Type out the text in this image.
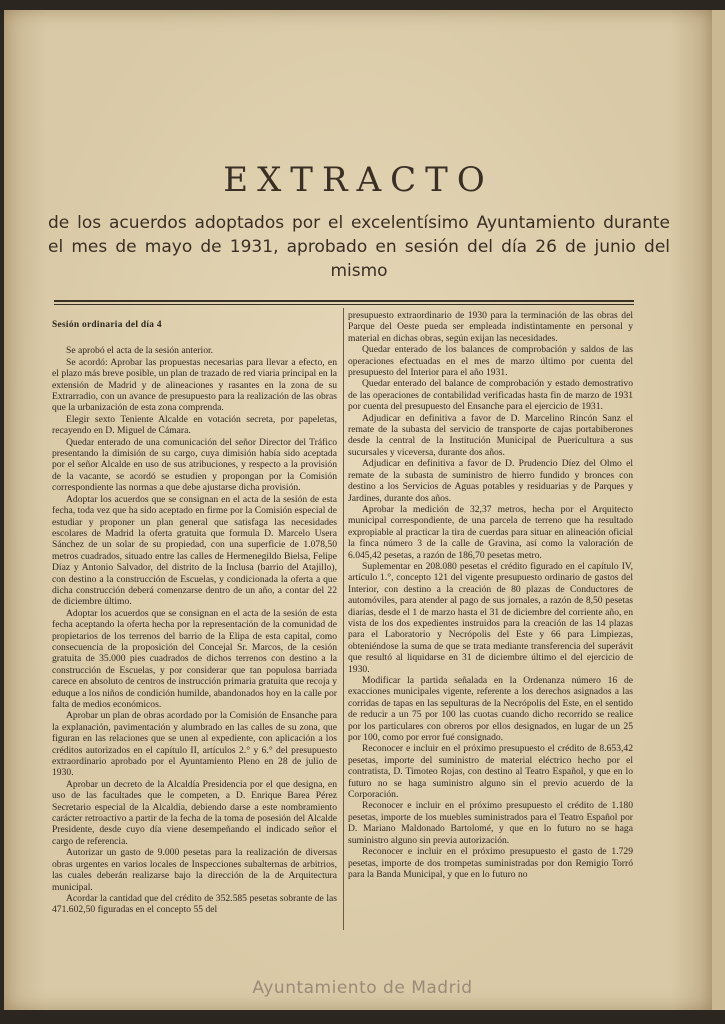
EXTRACTO
de los acuerdos adoptados por el excelentísimo Ayuntamiento durante el mes de mayo de 1931, aprobado en sesión del día 26 de junio del mismo

Sesión ordinaria del día 4

Se aprobó el acta de la sesión anterior.

Se acordó: Aprobar las propuestas necesarias para llevar a efecto, en el plazo más breve posible, un plan de trazado de red viaria principal en la extensión de Madrid y de alineaciones y rasantes en la zona de su Extrarradio, con un avance de presupuesto para la realización de las obras que la urbanización de esta zona comprenda.

Elegir sexto Teniente Alcalde en votación secreta, por papeletas, recayendo en D. Miguel de Cámara.

Quedar enterado de una comunicación del señor Director del Tráfico presentando la dimisión de su cargo, cuya dimisión había sido aceptada por el señor Alcalde en uso de sus atribuciones, y respecto a la provisión de la vacante, se acordó se estudien y propongan por la Comisión correspondiente las normas a que debe ajustarse dicha provisión.

Adoptar los acuerdos que se consignan en el acta de la sesión de esta fecha, toda vez que ha sido aceptado en firme por la Comisión especial de estudiar y proponer un plan general que satisfaga las necesidades escolares de Madrid la oferta gratuita que formula D. Marcelo Usera Sánchez de un solar de su propiedad, con una superficie de 1.078,50 metros cuadrados, situado entre las calles de Hermenegildo Bielsa, Felipe Díaz y Antonio Salvador, del distrito de la Inclusa (barrio del Atajillo), con destino a la construcción de Escuelas, y condicionada la oferta a que dicha construcción deberá comenzarse dentro de un año, a contar del 22 de diciembre último.

Adoptar los acuerdos que se consignan en el acta de la sesión de esta fecha aceptando la oferta hecha por la representación de la comunidad de propietarios de los terrenos del barrio de la Elipa de esta capital, como consecuencia de la proposición del Concejal Sr. Marcos, de la cesión gratuita de 35.000 pies cuadrados de dichos terrenos con destino a la construcción de Escuelas, y por considerar que tan populosa barriada carece en absoluto de centros de instrucción primaria gratuita que recoja y eduque a los niños de condición humilde, abandonados hoy en la calle por falta de medios económicos.

Aprobar un plan de obras acordado por la Comisión de Ensanche para la explanación, pavimentación y alumbrado en las calles de su zona, que figuran en las relaciones que se unen al expediente, con aplicación a los créditos autorizados en el capítulo II, artículos 2.° y 6.° del presupuesto extraordinario aprobado por el Ayuntamiento Pleno en 28 de julio de 1930.

Aprobar un decreto de la Alcaldía Presidencia por el que designa, en uso de las facultades que le competen, a D. Enrique Barea Pérez Secretario especial de la Alcaldía, debiendo darse a este nombramiento carácter retroactivo a partir de la fecha de la toma de posesión del Alcalde Presidente, desde cuyo día viene desempeñando el indicado señor el cargo de referencia.

Autorizar un gasto de 9.000 pesetas para la realización de diversas obras urgentes en varios locales de Inspecciones subalternas de arbitrios, las cuales deberán realizarse bajo la dirección de la de Arquitectura municipal.

Acordar la cantidad que del crédito de 352.585 pesetas sobrante de las 471.602,50 figuradas en el concepto 55 del

presupuesto extraordinario de 1930 para la terminación de las obras del Parque del Oeste pueda ser empleada indistintamente en personal y material en dichas obras, según exijan las necesidades.

Quedar enterado de los balances de comprobación y saldos de las operaciones efectuadas en el mes de marzo último por cuenta del presupuesto del Interior para el año 1931.

Quedar enterado del balance de comprobación y estado demostrativo de las operaciones de contabilidad verificadas hasta fin de marzo de 1931 por cuenta del presupuesto del Ensanche para el ejercicio de 1931.

Adjudicar en definitiva a favor de D. Marcelino Rincón Sanz el remate de la subasta del servicio de transporte de cajas portabiberones desde la central de la Institución Municipal de Puericultura a sus sucursales y viceversa, durante dos años.

Adjudicar en definitiva a favor de D. Prudencio Díez del Olmo el remate de la subasta de suministro de hierro fundido y bronces con destino a los Servicios de Aguas potables y residuarias y de Parques y Jardines, durante dos años.

Aprobar la medición de 32,37 metros, hecha por el Arquitecto municipal correspondiente, de una parcela de terreno que ha resultado expropiable al practicar la tira de cuerdas para situar en alineación oficial la finca número 3 de la calle de Gravina, así como la valoración de 6.045,42 pesetas, a razón de 186,70 pesetas metro.

Suplementar en 208.080 pesetas el crédito figurado en el capítulo IV, artículo 1.°, concepto 121 del vigente presupuesto ordinario de gastos del Interior, con destino a la creación de 80 plazas de Conductores de automóviles, para atender al pago de sus jornales, a razón de 8,50 pesetas diarias, desde el 1 de marzo hasta el 31 de diciembre del corriente año, en vista de los dos expedientes instruidos para la creación de las 14 plazas para el Laboratorio y Necrópolis del Este y 66 para Limpiezas, obteniéndose la suma de que se trata mediante transferencia del superávit que resultó al liquidarse en 31 de diciembre último el del ejercicio de 1930.

Modificar la partida señalada en la Ordenanza número 16 de exacciones municipales vigente, referente a los derechos asignados a las corridas de tapas en las sepulturas de la Necrópolis del Este, en el sentido de reducir a un 75 por 100 las cuotas cuando dicho recorrido se realice por los particulares con obreros por ellos designados, en lugar de un 25 por 100, como por error fué consignado.

Reconocer e incluir en el próximo presupuesto el crédito de 8.653,42 pesetas, importe del suministro de material eléctrico hecho por el contratista, D. Timoteo Rojas, con destino al Teatro Español, y que en lo futuro no se haga suministro alguno sin el previo acuerdo de la Corporación.

Reconocer e incluir en el próximo presupuesto el crédito de 1.180 pesetas, importe de los muebles suministrados para el Teatro Español por D. Mariano Maldonado Bartolomé, y que en lo futuro no se haga suministro alguno sin previa autorización.

Reconocer e incluir en el próximo presupuesto el gasto de 1.729 pesetas, importe de dos trompetas suministradas por don Remigio Torró para la Banda Municipal, y que en lo futuro no

Ayuntamiento de Madrid
